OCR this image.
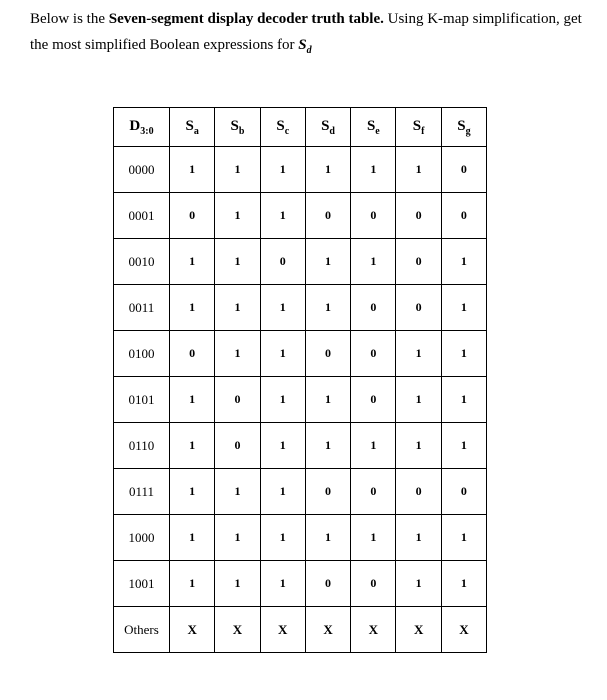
Below is the Seven-segment display decoder truth table. Using K-map simplification, get the most simplified Boolean expressions for $S_d$
$D_{3:0}$	$S_a$	$S_b$	$S_c$	$S_d$	$S_e$	$S_f$	$S_g$
0000	1	1	1	1	1	1	0
0001	0	1	1	0	0	0	0
0010	1	1	0	1	1	0	1
0011	1	1	1	1	0	0	1
0100	0	1	1	0	0	1	1
0101	1	0	1	1	0	1	1
0110	1	0	1	1	1	1	1
0111	1	1	1	0	0	0	0
1000	1	1	1	1	1	1	1
1001	1	1	1	0	0	1	1
Others	X	X	X	X	X	X	X
